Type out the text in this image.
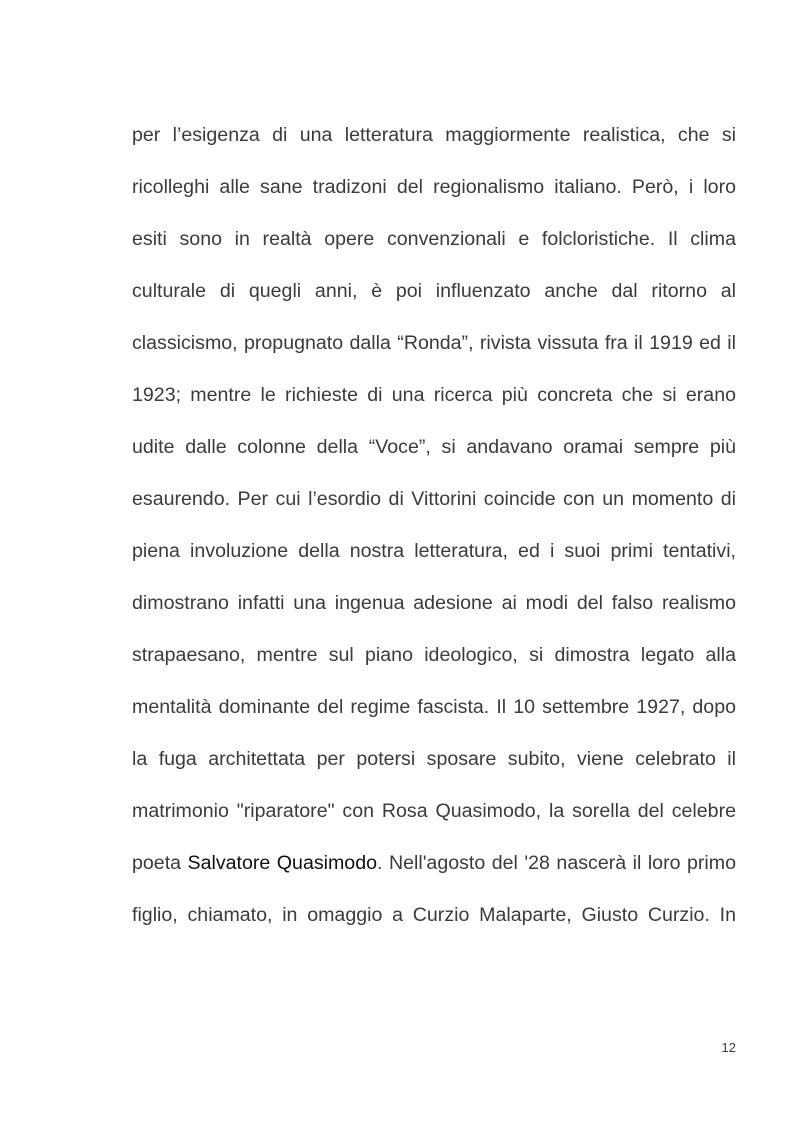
per l’esigenza di una letteratura maggiormente realistica, che si
ricolleghi alle sane tradizoni del regionalismo italiano. Però, i loro
esiti sono in realtà opere convenzionali e folcloristiche. Il clima
culturale di quegli anni, è poi influenzato anche dal ritorno al
classicismo, propugnato dalla “Ronda”, rivista vissuta fra il 1919 ed il
1923; mentre le richieste di una ricerca più concreta che si erano
udite dalle colonne della “Voce”, si andavano oramai sempre più
esaurendo. Per cui l’esordio di Vittorini coincide con un momento di
piena involuzione della nostra letteratura, ed i suoi primi tentativi,
dimostrano infatti una ingenua adesione ai modi del falso realismo
strapaesano, mentre sul piano ideologico, si dimostra legato alla
mentalità dominante del regime fascista. Il 10 settembre 1927, dopo
la fuga architettata per potersi sposare subito, viene celebrato il
matrimonio "riparatore" con Rosa Quasimodo, la sorella del celebre
poeta Salvatore Quasimodo. Nell'agosto del '28 nascerà il loro primo
figlio, chiamato, in omaggio a Curzio Malaparte, Giusto Curzio. In
12
